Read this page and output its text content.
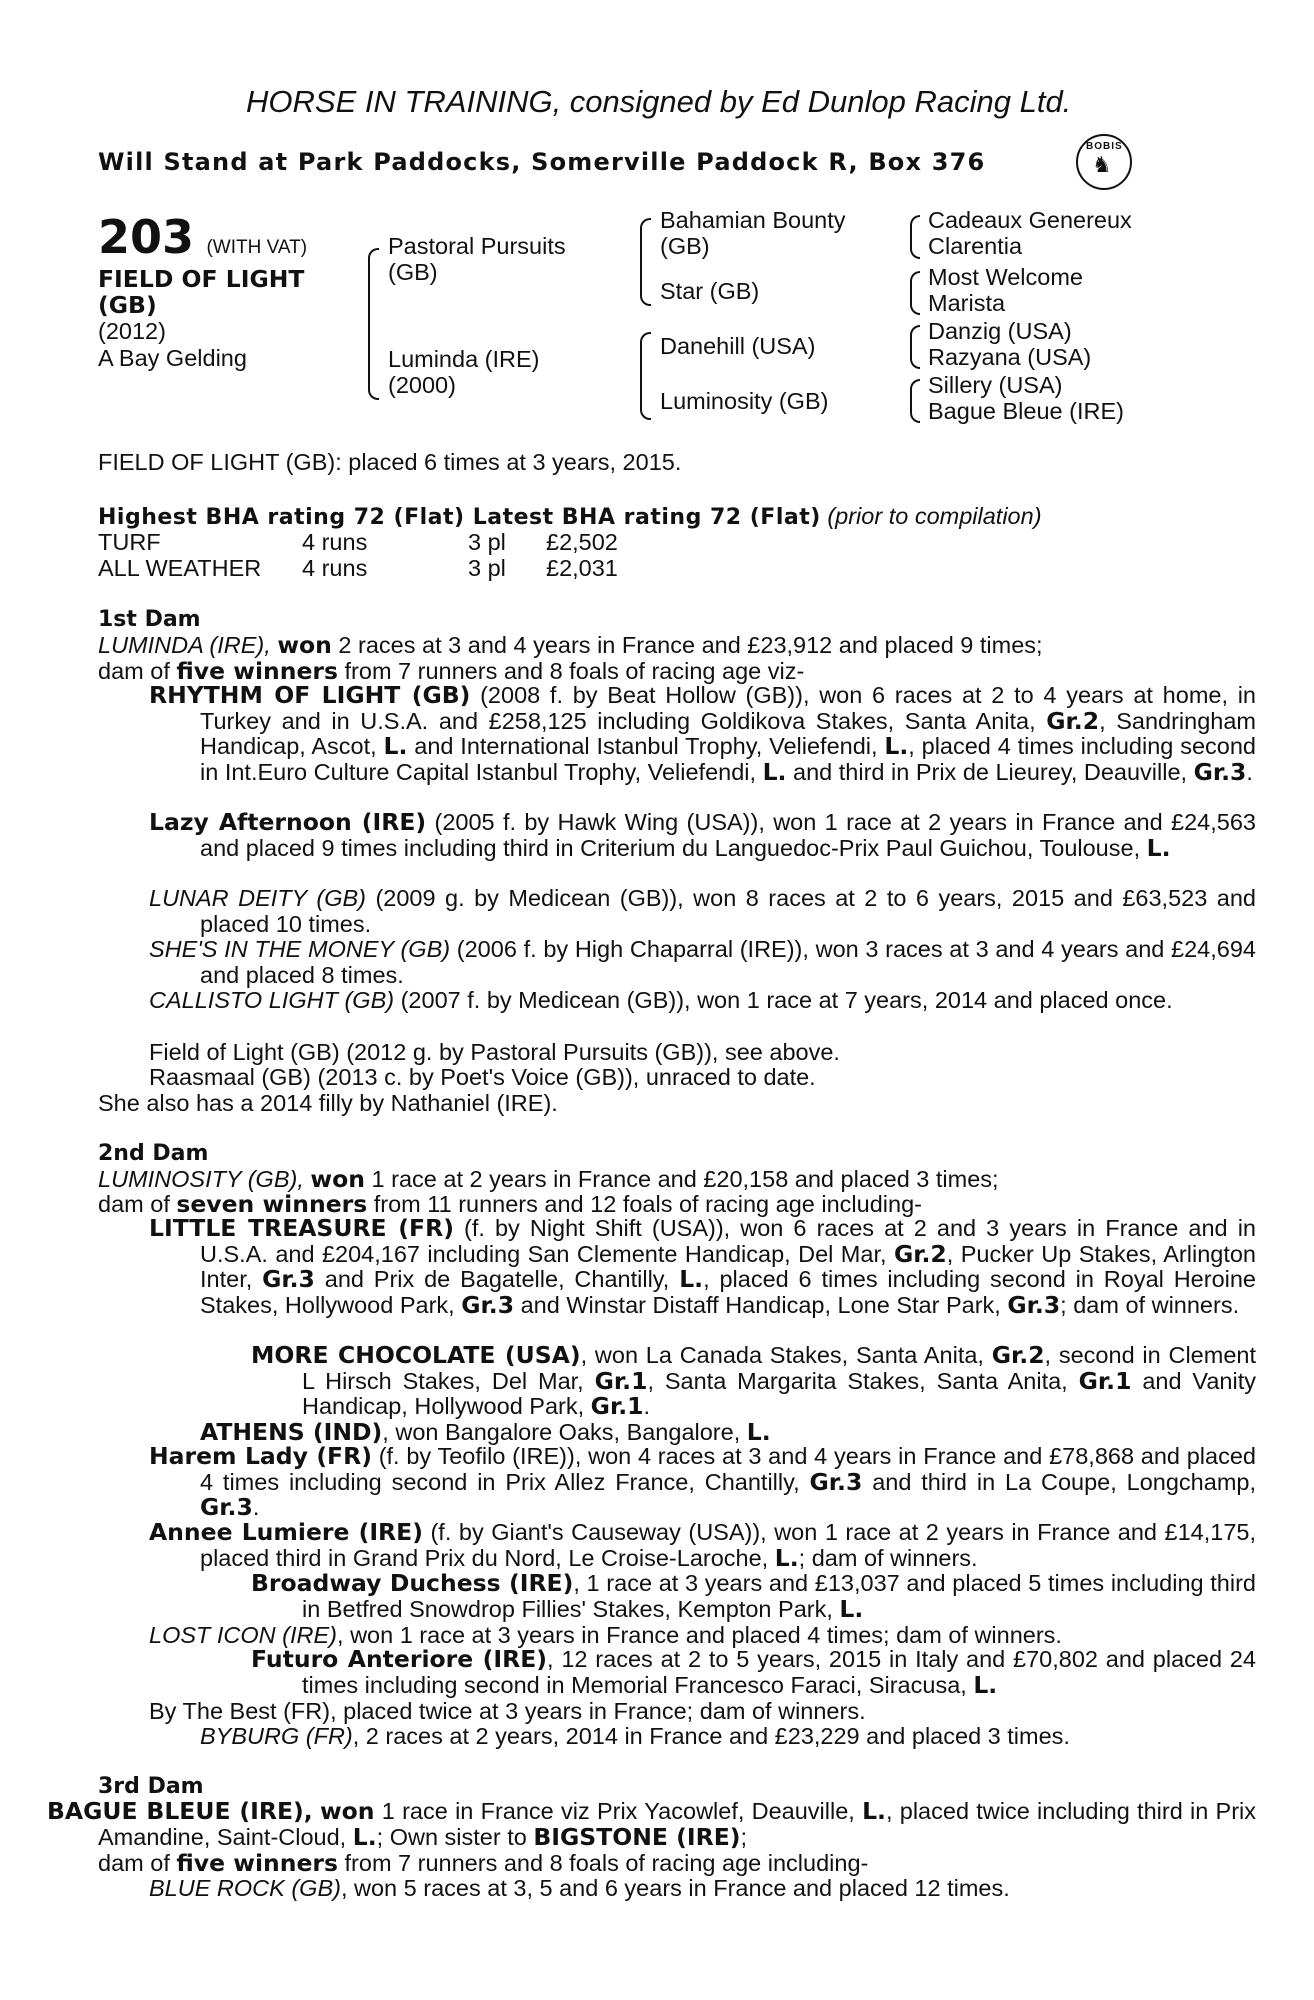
HORSE IN TRAINING, consigned by Ed Dunlop Racing Ltd.
Will Stand at Park Paddocks, Somerville Paddock R, Box 376
BOBIS
♞
203 (WITH VAT)
FIELD OF LIGHT
(GB)
(2012)
A Bay Gelding
Pastoral Pursuits
(GB)
Luminda (IRE)
(2000)
Bahamian Bounty
(GB)
Star (GB)
Danehill (USA)
Luminosity (GB)
Cadeaux Genereux
Clarentia
Most Welcome
Marista
Danzig (USA)
Razyana (USA)
Sillery (USA)
Bague Bleue (IRE)
FIELD OF LIGHT (GB): placed 6 times at 3 years, 2015.
Highest BHA rating 72 (Flat) Latest BHA rating 72 (Flat) (prior to compilation)
TURF	4 runs	3 pl £2,502
ALL WEATHER 4 runs	3 pl £2,031
1st Dam
LUMINDA (IRE), won 2 races at 3 and 4 years in France and £23,912 and placed 9 times;
dam of five winners from 7 runners and 8 foals of racing age viz-
RHYTHM OF LIGHT (GB) (2008 f. by Beat Hollow (GB)), won 6 races at 2 to 4 years at home, in Turkey and in U.S.A. and £258,125 including Goldikova Stakes, Santa Anita, Gr.2, Sandringham Handicap, Ascot, L. and International Istanbul Trophy, Veliefendi, L., placed 4 times including second in Int.Euro Culture Capital Istanbul Trophy, Veliefendi, L. and third in Prix de Lieurey, Deauville, Gr.3.
Lazy Afternoon (IRE) (2005 f. by Hawk Wing (USA)), won 1 race at 2 years in France and £24,563 and placed 9 times including third in Criterium du Languedoc-Prix Paul Guichou, Toulouse, L.
LUNAR DEITY (GB) (2009 g. by Medicean (GB)), won 8 races at 2 to 6 years, 2015 and £63,523 and placed 10 times.
SHE'S IN THE MONEY (GB) (2006 f. by High Chaparral (IRE)), won 3 races at 3 and 4 years and £24,694 and placed 8 times.
CALLISTO LIGHT (GB) (2007 f. by Medicean (GB)), won 1 race at 7 years, 2014 and placed once.
Field of Light (GB) (2012 g. by Pastoral Pursuits (GB)), see above.
Raasmaal (GB) (2013 c. by Poet's Voice (GB)), unraced to date.
She also has a 2014 filly by Nathaniel (IRE).
2nd Dam
LUMINOSITY (GB), won 1 race at 2 years in France and £20,158 and placed 3 times;
dam of seven winners from 11 runners and 12 foals of racing age including-
LITTLE TREASURE (FR) (f. by Night Shift (USA)), won 6 races at 2 and 3 years in France and in U.S.A. and £204,167 including San Clemente Handicap, Del Mar, Gr.2, Pucker Up Stakes, Arlington Inter, Gr.3 and Prix de Bagatelle, Chantilly, L., placed 6 times including second in Royal Heroine Stakes, Hollywood Park, Gr.3 and Winstar Distaff Handicap, Lone Star Park, Gr.3; dam of winners.
MORE CHOCOLATE (USA), won La Canada Stakes, Santa Anita, Gr.2, second in Clement L Hirsch Stakes, Del Mar, Gr.1, Santa Margarita Stakes, Santa Anita, Gr.1 and Vanity Handicap, Hollywood Park, Gr.1.
ATHENS (IND), won Bangalore Oaks, Bangalore, L.
Harem Lady (FR) (f. by Teofilo (IRE)), won 4 races at 3 and 4 years in France and £78,868 and placed 4 times including second in Prix Allez France, Chantilly, Gr.3 and third in La Coupe, Longchamp, Gr.3.
Annee Lumiere (IRE) (f. by Giant's Causeway (USA)), won 1 race at 2 years in France and £14,175, placed third in Grand Prix du Nord, Le Croise-Laroche, L.; dam of winners.
Broadway Duchess (IRE), 1 race at 3 years and £13,037 and placed 5 times including third in Betfred Snowdrop Fillies' Stakes, Kempton Park, L.
LOST ICON (IRE), won 1 race at 3 years in France and placed 4 times; dam of winners.
Futuro Anteriore (IRE), 12 races at 2 to 5 years, 2015 in Italy and £70,802 and placed 24 times including second in Memorial Francesco Faraci, Siracusa, L.
By The Best (FR), placed twice at 3 years in France; dam of winners.
BYBURG (FR), 2 races at 2 years, 2014 in France and £23,229 and placed 3 times.
3rd Dam
BAGUE BLEUE (IRE), won 1 race in France viz Prix Yacowlef, Deauville, L., placed twice including third in Prix Amandine, Saint-Cloud, L.; Own sister to BIGSTONE (IRE);
dam of five winners from 7 runners and 8 foals of racing age including-
BLUE ROCK (GB), won 5 races at 3, 5 and 6 years in France and placed 12 times.
